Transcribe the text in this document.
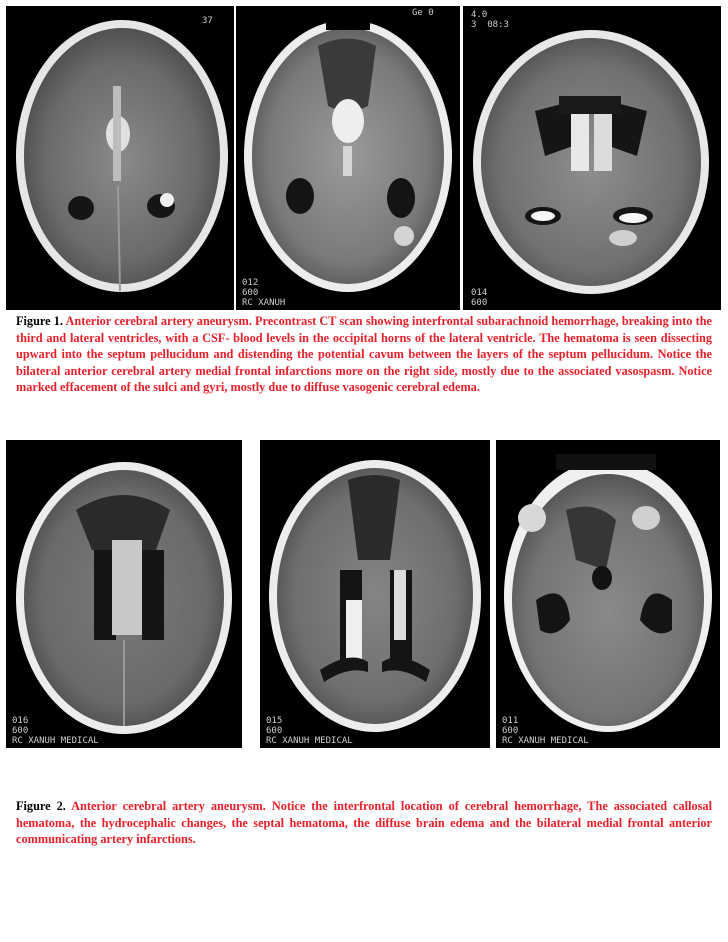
37
Ge 0
012
600
RC XANUH
4.0
3  08:3
014
600
Figure 1. Anterior cerebral artery aneurysm. Precontrast CT scan showing interfrontal subarachnoid hemorrhage, breaking into the third and lateral ventricles, with a CSF- blood levels in the occipital horns of the lateral ventricle. The hematoma is seen dissecting upward into the septum pellucidum and distending the potential cavum between the layers of the septum pellucidum. Notice the bilateral anterior cerebral artery medial frontal infarctions more on the right side, mostly due to the associated vasospasm. Notice marked effacement of the sulci and gyri, mostly due to diffuse vasogenic cerebral edema.
016
600
RC XANUH MEDICAL
015
600
RC XANUH MEDICAL
011
600
RC XANUH MEDICAL
Figure 2. Anterior cerebral artery aneurysm. Notice the interfrontal location of cerebral hemorrhage, The associated callosal hematoma, the hydrocephalic changes, the septal hematoma, the diffuse brain edema and the bilateral medial frontal anterior communicating artery infarctions.
